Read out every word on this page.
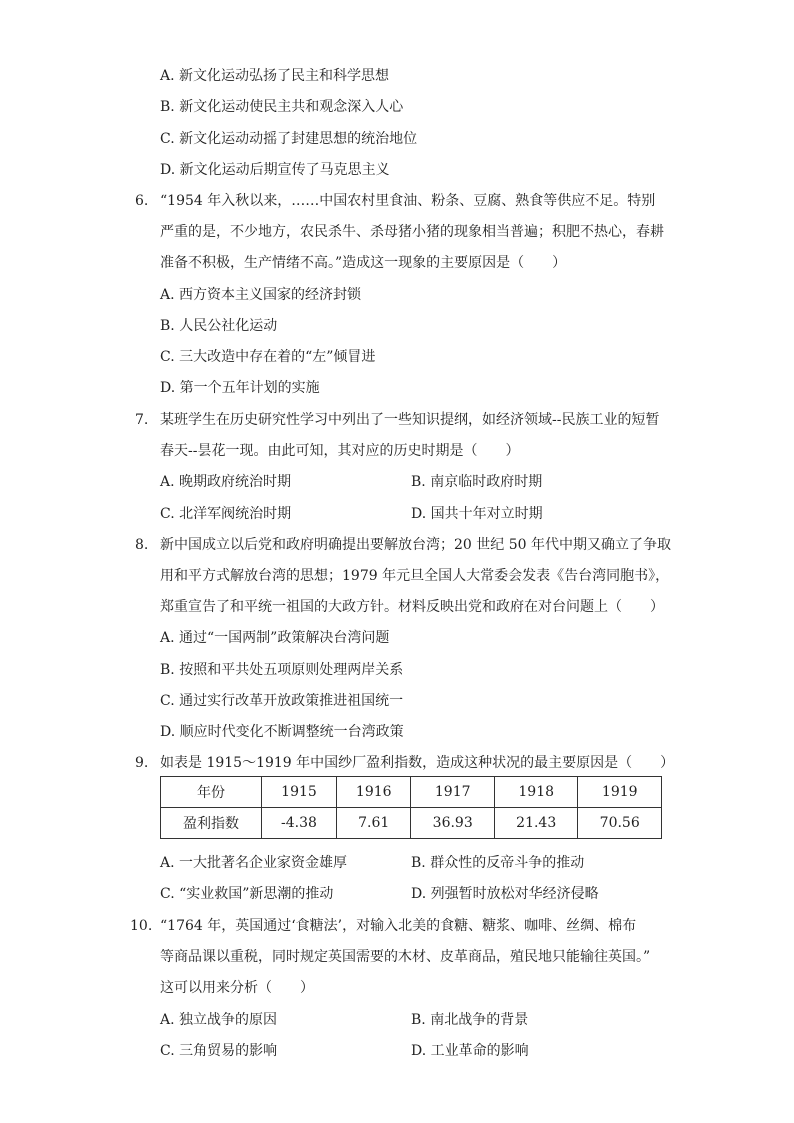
A. 新文化运动弘扬了民主和科学思想
B. 新文化运动使民主共和观念深入人心
C. 新文化运动动摇了封建思想的统治地位
D. 新文化运动后期宣传了马克思主义
6. “1954 年入秋以来，……中国农村里食油、粉条、豆腐、熟食等供应不足。特别
严重的是，不少地方，农民杀牛、杀母猪小猪的现象相当普遍；积肥不热心，春耕
准备不积极，生产情绪不高。”造成这一现象的主要原因是（　　）
A. 西方资本主义国家的经济封锁
B. 人民公社化运动
C. 三大改造中存在着的“左”倾冒进
D. 第一个五年计划的实施
7. 某班学生在历史研究性学习中列出了一些知识提纲，如经济领域--民族工业的短暂
春天--昙花一现。由此可知，其对应的历史时期是（　　）
A. 晚期政府统治时期	B. 南京临时政府时期
C. 北洋军阀统治时期	D. 国共十年对立时期
8. 新中国成立以后党和政府明确提出要解放台湾；20 世纪 50 年代中期又确立了争取
用和平方式解放台湾的思想；1979 年元旦全国人大常委会发表《告台湾同胞书》，
郑重宣告了和平统一祖国的大政方针。材料反映出党和政府在对台问题上（　　）
A. 通过“一国两制”政策解决台湾问题
B. 按照和平共处五项原则处理两岸关系
C. 通过实行改革开放政策推进祖国统一
D. 顺应时代变化不断调整统一台湾政策
9. 如表是 1915～1919 年中国纱厂盈利指数，造成这种状况的最主要原因是（　　）
年份	1915	1916	1917	1918	1919
盈利指数	-4.38	7.61	36.93	21.43	70.56
A. 一大批著名企业家资金雄厚	B. 群众性的反帝斗争的推动
C. “实业救国”新思潮的推动	D. 列强暂时放松对华经济侵略
10. “1764 年，英国通过‘食糖法’，对输入北美的食糖、糖浆、咖啡、丝绸、棉布
等商品课以重税，同时规定英国需要的木材、皮革商品，殖民地只能输往英国。”
这可以用来分析（　　）
A. 独立战争的原因	B. 南北战争的背景
C. 三角贸易的影响	D. 工业革命的影响
